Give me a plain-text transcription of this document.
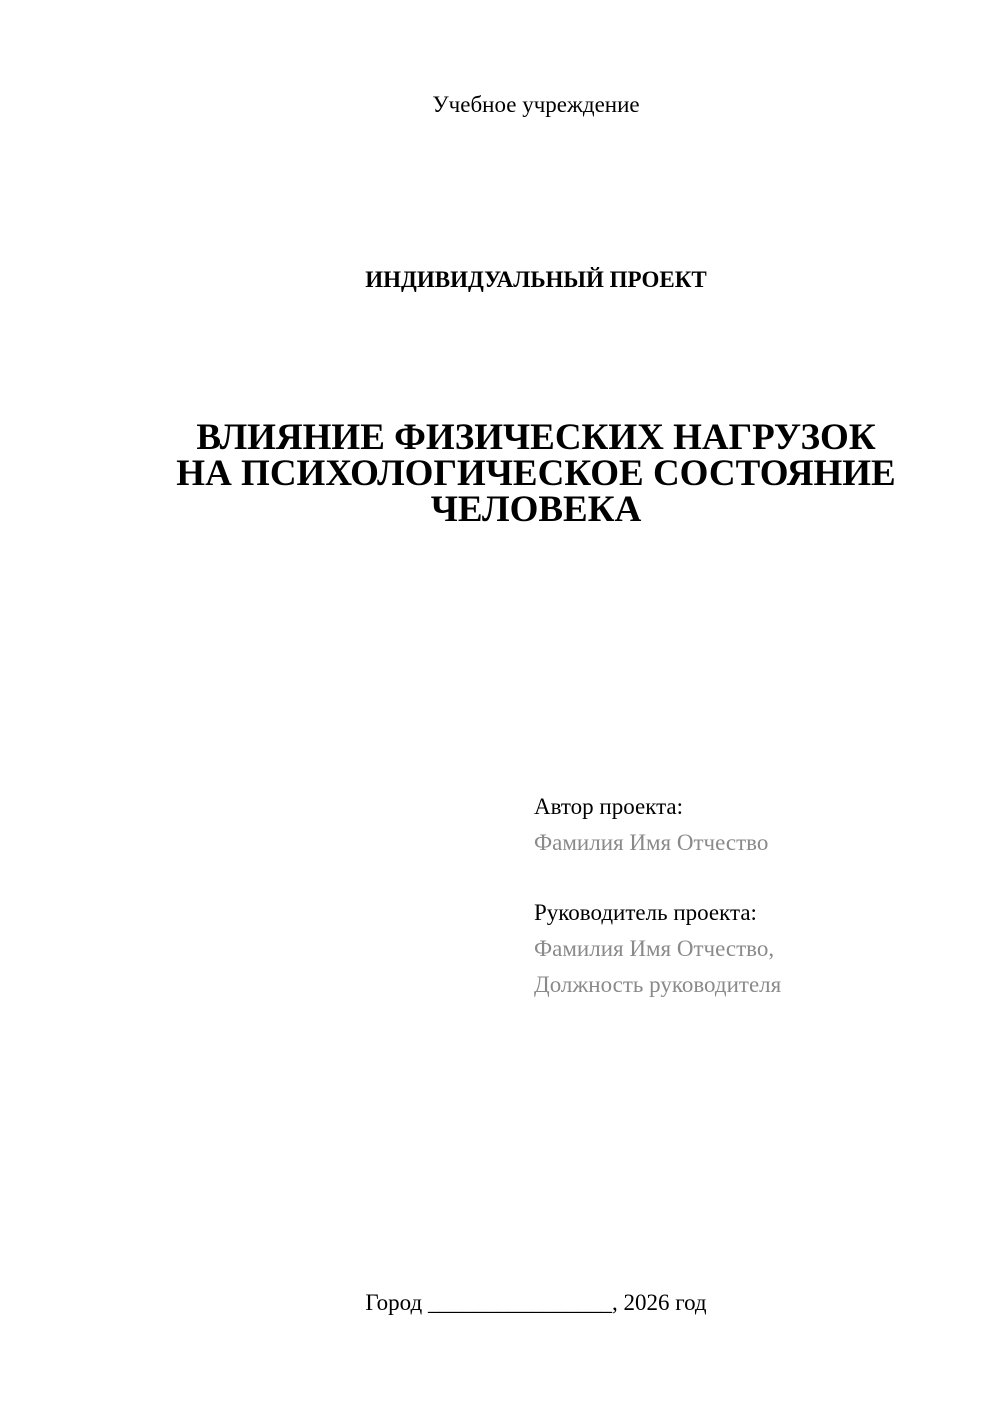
Учебное учреждение
ИНДИВИДУАЛЬНЫЙ ПРОЕКТ
ВЛИЯНИЕ ФИЗИЧЕСКИХ НАГРУЗОК
НА ПСИХОЛОГИЧЕСКОЕ СОСТОЯНИЕ
ЧЕЛОВЕКА
Автор проекта:
Фамилия Имя Отчество
Руководитель проекта:
Фамилия Имя Отчество,
Должность руководителя
Город ________________, 2026 год
